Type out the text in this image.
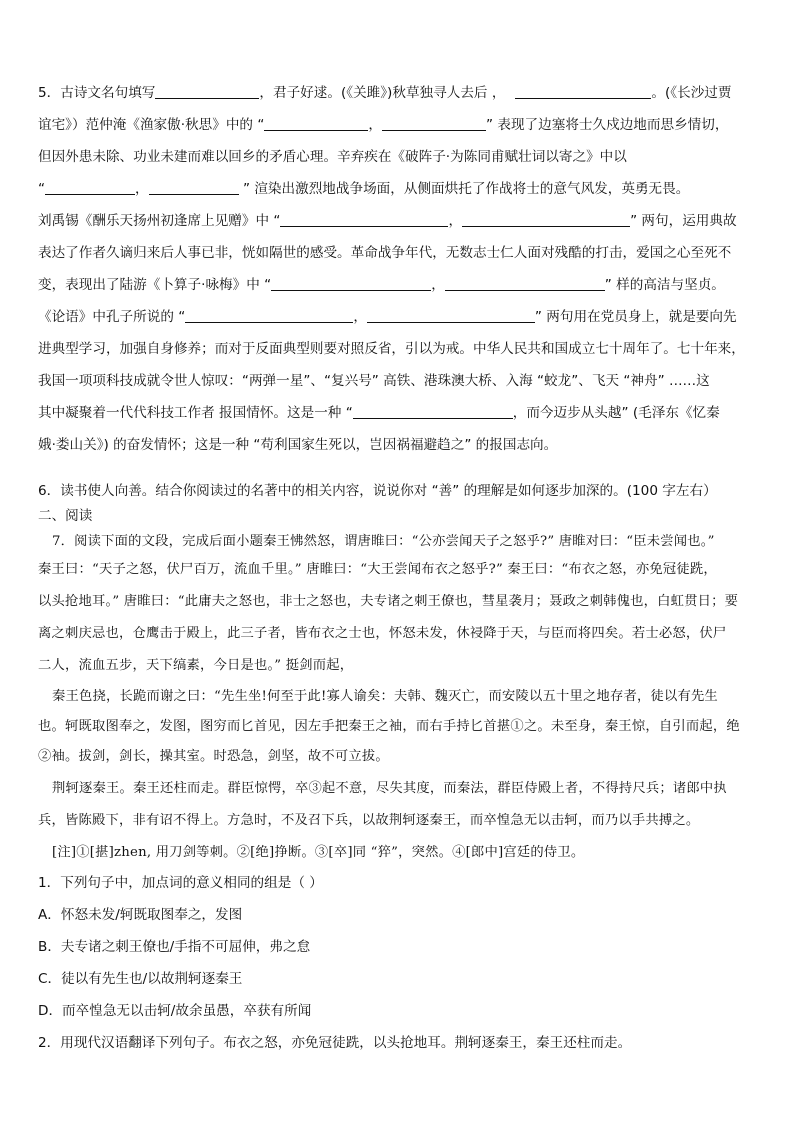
5．古诗文名句填写	，君子好逑。(《关雎》)秋草独寻人去后 ，	。(《长沙过贾
谊宅》）范仲淹《渔家傲·秋思》中的 “	，	” 表现了边塞将士久戍边地而思乡情切，
但因外患未除、功业未建而难以回乡的矛盾心理。辛弃疾在《破阵子·为陈同甫赋壮词以寄之》中以
“	，	” 渲染出激烈地战争场面，从侧面烘托了作战将士的意气风发，英勇无畏。
刘禹锡《酬乐天扬州初逢席上见赠》中 “	，	” 两句，运用典故
表达了作者久谪归来后人事已非，恍如隔世的感受。革命战争年代，无数志士仁人面对残酷的打击，爱国之心至死不
变，表现出了陆游《卜算子·咏梅》中 “	，	” 样的高洁与坚贞。
《论语》中孔子所说的 “	，	” 两句用在党员身上，就是要向先
进典型学习，加强自身修养；而对于反面典型则要对照反省，引以为戒。中华人民共和国成立七十周年了。七十年来，
我国一项项科技成就令世人惊叹：“两弹一星”、“复兴号” 高铁、港珠澳大桥、入海 “蛟龙”、飞天 “神舟” ……这
其中凝聚着一代代科技工作者 报国情怀。这是一种 “	，而今迈步从头越” (毛泽东《忆秦
娥·娄山关》) 的奋发情怀；这是一种 “苟利国家生死以，岂因祸福避趋之” 的报国志向。
6．读书使人向善。结合你阅读过的名著中的相关内容，说说你对 “善” 的理解是如何逐步加深的。(100 字左右）
二、阅读
7．阅读下面的文段，完成后面小题秦王怫然怒，谓唐睢曰：“公亦尝闻天子之怒乎?” 唐睢对曰：“臣未尝闻也。”
秦王曰：“天子之怒，伏尸百万，流血千里。” 唐睢曰：“大王尝闻布衣之怒乎?” 秦王曰：“布衣之怒，亦免冠徒跣，
以头抢地耳。” 唐睢曰：“此庸夫之怒也，非士之怒也，夫专诸之刺王僚也，彗星袭月；聂政之刺韩傀也，白虹贯日；要
离之刺庆忌也，仓鹰击于殿上，此三子者，皆布衣之士也，怀怒未发，休祲降于天，与臣而将四矣。若士必怒，伏尸
二人，流血五步，天下缟素，今日是也。” 挺剑而起，
秦王色挠，长跪而谢之曰：“先生坐!何至于此!寡人谕矣：夫韩、魏灭亡，而安陵以五十里之地存者，徒以有先生
也。轲既取图奉之，发图，图穷而匕首见，因左手把秦王之袖，而右手持匕首揕①之。未至身，秦王惊，自引而起，绝
②袖。拔剑，剑长，操其室。时恐急，剑坚，故不可立拔。
荆轲逐秦王。秦王还柱而走。群臣惊愕，卒③起不意，尽失其度，而秦法，群臣侍殿上者，不得持尺兵；诸郎中执
兵，皆陈殿下，非有诏不得上。方急时，不及召下兵，以故荆轲逐秦王，而卒惶急无以击轲，而乃以手共搏之。
[注]①[揕]zhen, 用刀剑等刺。②[绝]挣断。③[卒]同 “猝”，突然。④[郎中]宫廷的侍卫。
1．下列句子中，加点词的意义相同的组是（ ）
A．怀怒未发/轲既取图奉之，发图
B．夫专诸之刺王僚也/手指不可屈伸，弗之怠
C．徒以有先生也/以故荆轲逐秦王
D．而卒惶急无以击轲/故余虽愚，卒获有所闻
2．用现代汉语翻译下列句子。布衣之怒，亦免冠徒跣，以头抢地耳。荆轲逐秦王，秦王还柱而走。
